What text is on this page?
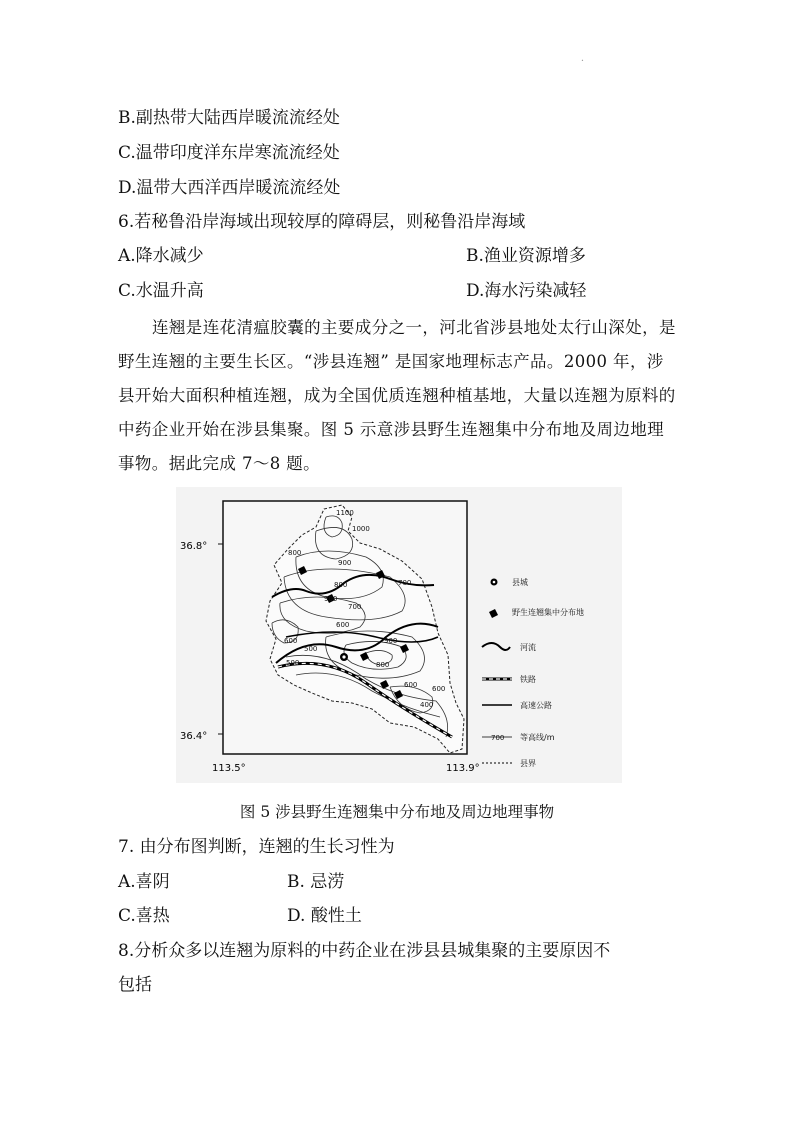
·
B.副热带大陆西岸暖流流经处
C.温带印度洋东岸寒流流经处
D.温带大西洋西岸暖流流经处
6.若秘鲁沿岸海域出现较厚的障碍层，则秘鲁沿岸海域
A.降水减少	B.渔业资源增多
C.水温升高	D.海水污染减轻
连翘是连花清瘟胶囊的主要成分之一，河北省涉县地处太行山深处，是野生连翘的主要生长区。“涉县连翘” 是国家地理标志产品。2000 年，涉县开始大面积种植连翘，成为全国优质连翘种植基地，大量以连翘为原料的中药企业开始在涉县集聚。图 5 示意涉县野生连翘集中分布地及周边地理事物。据此完成 7～8 题。
36.8°
36.4°
113.5°	113.9°
1100
1000
900
800	700
800
900
700
600
600
500
900
800
600 600
400
500
县城
野生连翘集中分布地
河流
铁路
高速公路
700 等高线/m
县界
图 5 涉县野生连翘集中分布地及周边地理事物
7. 由分布图判断，连翘的生长习性为
A.喜阴	B. 忌涝
C.喜热	D. 酸性土
8.分析众多以连翘为原料的中药企业在涉县县城集聚的主要原因不
包括
